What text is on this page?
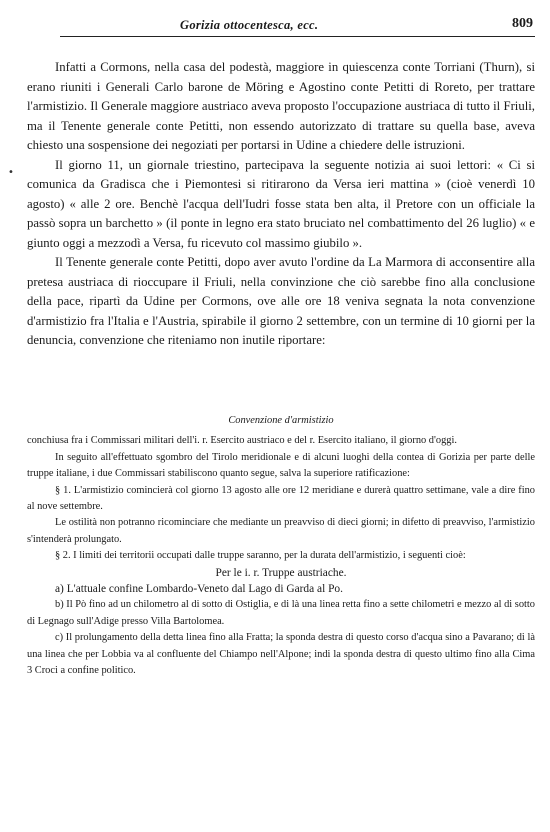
Gorizia ottocentesca, ecc.	809

Infatti a Cormons, nella casa del podestà, maggiore in quiescenza conte Torriani (Thurn), si erano riuniti i Generali Carlo barone de Möring e Agostino conte Petitti di Roreto, per trattare l'armistizio. Il Generale maggiore austriaco aveva proposto l'occupazione austriaca di tutto il Friuli, ma il Tenente generale conte Petitti, non essendo autorizzato di trattare su quella base, aveva chiesto una sospensione dei negoziati per portarsi in Udine a chiedere delle istruzioni.

Il giorno 11, un giornale triestino, partecipava la seguente notizia ai suoi lettori: « Ci si comunica da Gradisca che i Piemontesi si ritirarono da Versa ieri mattina » (cioè venerdì 10 agosto) « alle 2 ore. Benchè l'acqua dell'Iudri fosse stata ben alta, il Pretore con un officiale la passò sopra un barchetto » (il ponte in legno era stato bruciato nel combattimento del 26 luglio) « e giunto oggi a mezzodì a Versa, fu ricevuto col massimo giubilo ».

Il Tenente generale conte Petitti, dopo aver avuto l'ordine da La Marmora di acconsentire alla pretesa austriaca di rioccupare il Friuli, nella convinzione che ciò sarebbe fino alla conclusione della pace, ripartì da Udine per Cormons, ove alle ore 18 veniva segnata la nota convenzione d'armistizio fra l'Italia e l'Austria, spirabile il giorno 2 settembre, con un termine di 10 giorni per la denuncia, convenzione che riteniamo non inutile riportare:

•

Convenzione d'armistizio

conchiusa fra i Commissari militari dell'i. r. Esercito austriaco e del r. Esercito italiano, il giorno d'oggi.

In seguito all'effettuato sgombro del Tirolo meridionale e di alcuni luoghi della contea di Gorizia per parte delle truppe italiane, i due Commissari stabiliscono quanto segue, salva la superiore ratificazione:

§ 1. L'armistizio comincierà col giorno 13 agosto alle ore 12 meridiane e durerà quattro settimane, vale a dire fino al nove settembre.

Le ostilità non potranno ricominciare che mediante un preavviso di dieci giorni; in difetto di preavviso, l'armistizio s'intenderà prolungato.

§ 2. I limiti dei territorii occupati dalle truppe saranno, per la durata dell'armistizio, i seguenti cioè:

Per le i. r. Truppe austriache.

a) L'attuale confine Lombardo-Veneto dal Lago di Garda al Po.

b) Il Pò fino ad un chilometro al di sotto di Ostiglia, e di là una linea retta fino a sette chilometri e mezzo al di sotto di Legnago sull'Adige presso Villa Bartolomea.

c) Il prolungamento della detta linea fino alla Fratta; la sponda destra di questo corso d'acqua sino a Pavarano; di là una linea che per Lobbia va al confluente del Chiampo nell'Alpone; indi la sponda destra di questo ultimo fino alla Cima 3 Croci a confine politico.
